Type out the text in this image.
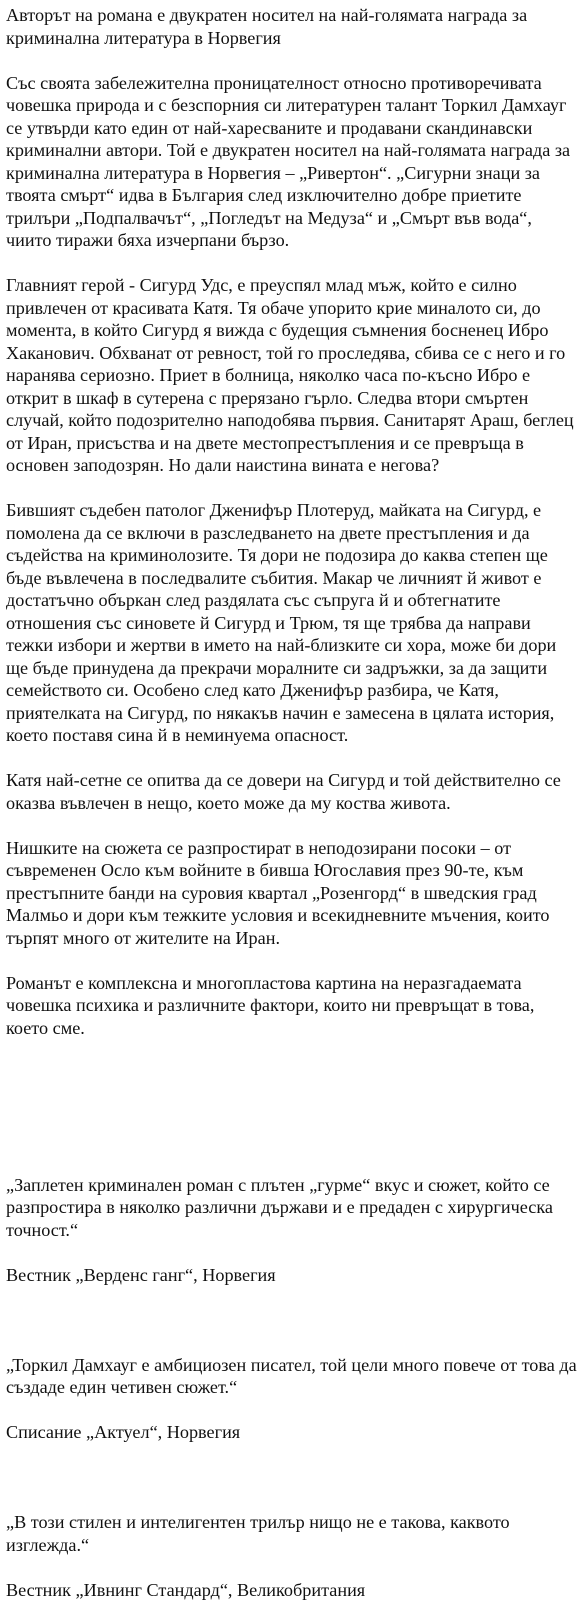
Авторът на романа е двукратен носител на най-голямата награда за криминална литература в Норвегия

Със своята забележителна проницателност относно противоречивата човешка природа и с безспорния си литературен талант Торкил Дамхауг се утвърди като един от най-харесваните и продавани скандинавски криминални автори. Той е двукратен носител на най-голямата награда за криминална литература в Норвегия – „Ривертон“. „Сигурни знаци за твоята смърт“ идва в България след изключително добре приетите трилъри „Подпалвачът“, „Погледът на Медуза“ и „Смърт във вода“, чиито тиражи бяха изчерпани бързо.

Главният герой - Сигурд Удс, е преуспял млад мъж, който е силно привлечен от красивата Катя. Тя обаче упорито крие миналото си, до момента, в който Сигурд я вижда с будещия съмнения босненец Ибро Хаканович. Обхванат от ревност, той го проследява, сбива се с него и го наранява сериозно. Приет в болница, няколко часа по-късно Ибро е открит в шкаф в сутерена с прерязано гърло. Следва втори смъртен случай, който подозрително наподобява първия. Санитарят Араш, беглец от Иран, присъства и на двете местопрестъпления и се превръща в основен заподозрян. Но дали наистина вината е негова?

Бившият съдебен патолог Дженифър Плотеруд, майката на Сигурд, е помолена да се включи в разследването на двете престъпления и да съдейства на криминолозите. Тя дори не подозира до каква степен ще бъде въвлечена в последвалите събития. Макар че личният й живот е достатъчно объркан след раздялата със съпруга й и обтегнатите отношения със синовете й Сигурд и Трюм, тя ще трябва да направи тежки избори и жертви в името на най-близките си хора, може би дори ще бъде принудена да прекрачи моралните си задръжки, за да защити семейството си. Особено след като Дженифър разбира, че Катя, приятелката на Сигурд, по някакъв начин е замесена в цялата история, което поставя сина й в неминуема опасност.

Катя най-сетне се опитва да се довери на Сигурд и той действително се оказва въвлечен в нещо, което може да му коства живота.

Нишките на сюжета се разпростират в неподозирани посоки – от съвременен Осло към войните в бивша Югославия през 90-те, към престъпните банди на суровия квартал „Розенгорд“ в шведския град Малмьо и дори към тежките условия и всекидневните мъчения, които търпят много от жителите на Иран.

Романът е комплексна и многопластова картина на неразгадаемата човешка психика и различните фактори, които ни превръщат в това, което сме.

„Заплетен криминален роман с плътен „гурме“ вкус и сюжет, който се разпростира в няколко различни държави и е предаден с хирургическа точност.“

Вестник „Верденс ганг“, Норвегия

„Торкил Дамхауг е амбициозен писател, той цели много повече от това да създаде един четивен сюжет.“

Списание „Актуел“, Норвегия

„В този стилен и интелигентен трилър нищо не е такова, каквото изглежда.“

Вестник „Ивнинг Стандард“, Великобритания
